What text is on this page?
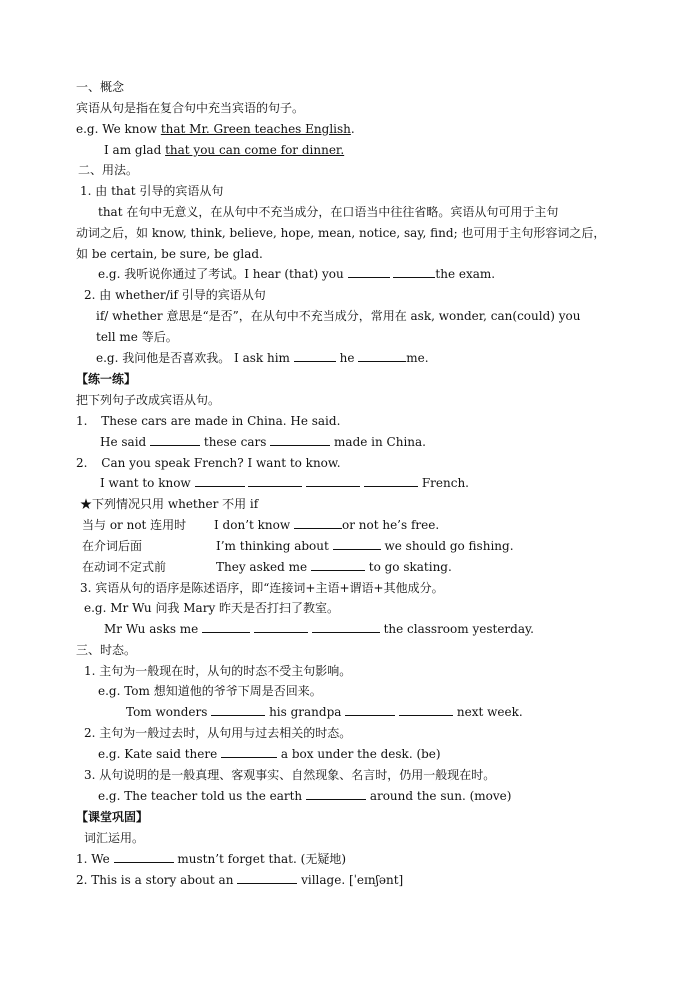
一、概念
宾语从句是指在复合句中充当宾语的句子。
e.g. We know that Mr. Green teaches English.
I am glad that you can come for dinner.
二、用法。
1. 由 that 引导的宾语从句
that 在句中无意义，在从句中不充当成分，在口语当中往往省略。宾语从句可用于主句
动词之后，如 know, think, believe, hope, mean, notice, say, find; 也可用于主句形容词之后，
如 be certain, be sure, be glad.
e.g. 我听说你通过了考试。I hear (that) you	the exam.
2. 由 whether/if 引导的宾语从句
if/ whether 意思是“是否”，在从句中不充当成分，常用在 ask, wonder, can(could) you
tell me 等后。
e.g. 我问他是否喜欢我。 I ask him	he	me.
【练一练】
把下列句子改成宾语从句。
1. These cars are made in China. He said.
He said	these cars	made in China.
2. Can you speak French? I want to know.
I want to know	French.
★下列情况只用 whether 不用 if
当与 or not 连用时 I don’t know	or not he’s free.
在介词后面	I’m thinking about	we should go fishing.
在动词不定式前	They asked me	to go skating.
3. 宾语从句的语序是陈述语序，即“连接词+主语+谓语+其他成分。
e.g. Mr Wu 问我 Mary 昨天是否打扫了教室。
Mr Wu asks me	the classroom yesterday.
三、时态。
1. 主句为一般现在时，从句的时态不受主句影响。
e.g. Tom 想知道他的爷爷下周是否回来。
Tom wonders	his grandpa	next week.
2. 主句为一般过去时，从句用与过去相关的时态。
e.g. Kate said there	a box under the desk. (be)
3. 从句说明的是一般真理、客观事实、自然现象、名言时，仍用一般现在时。
e.g. The teacher told us the earth	around the sun. (move)
【课堂巩固】
词汇运用。
1. We	mustn’t forget that. (无疑地)
2. This is a story about an	village. [ˈeɪnʃənt]
